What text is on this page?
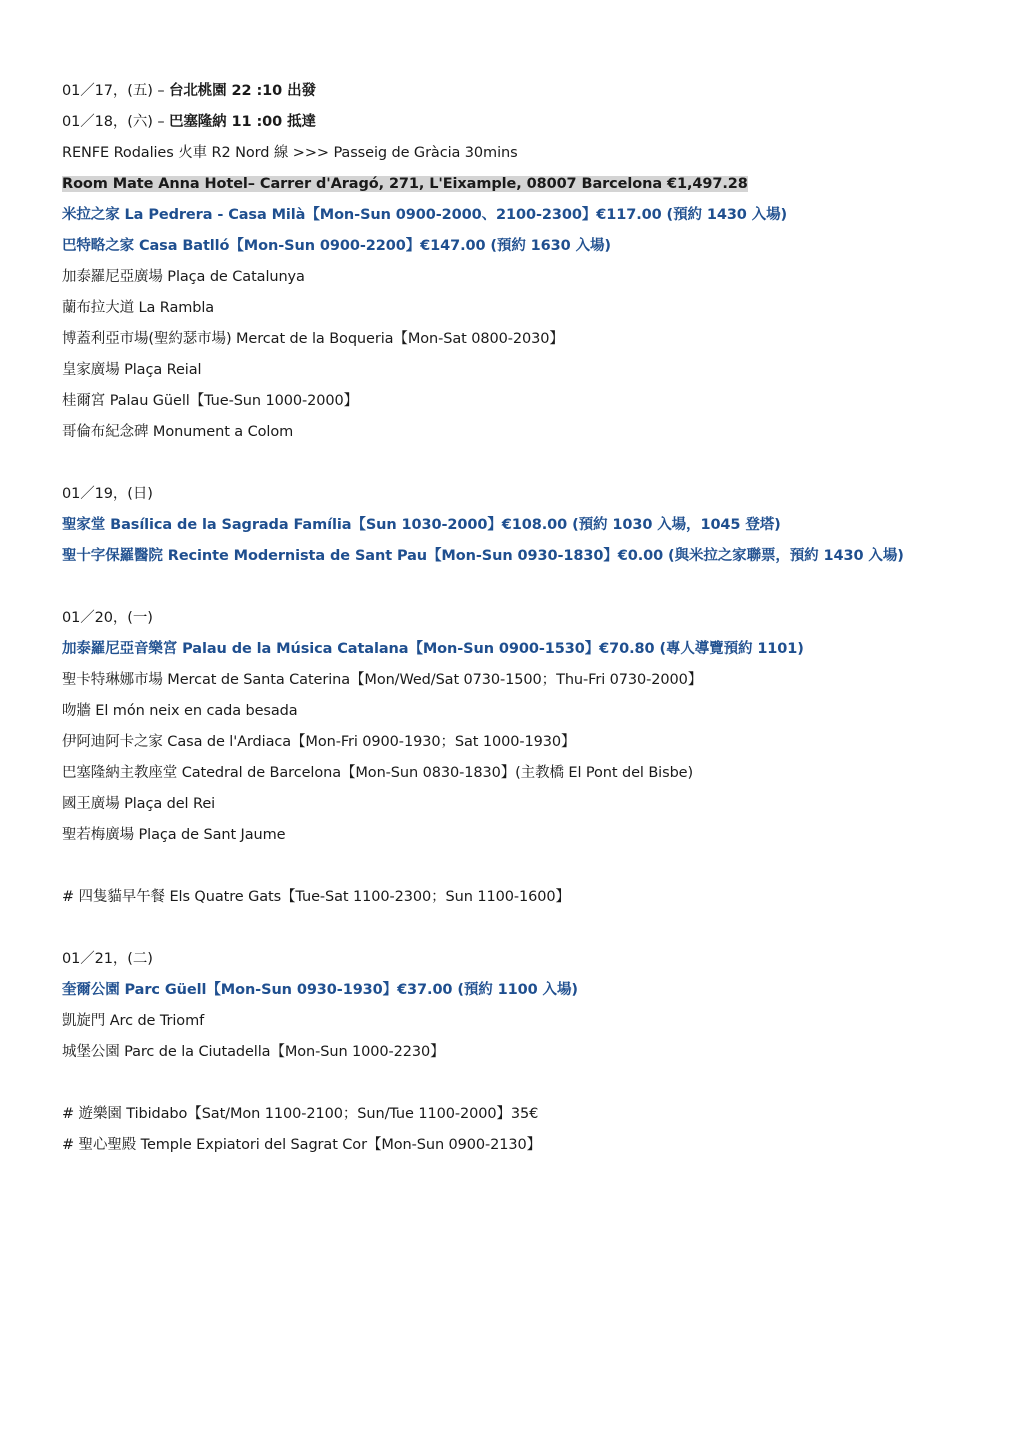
01／17，(五) – 台北桃園 22 :10 出發
01／18，(六) – 巴塞隆納 11 :00 抵達
RENFE Rodalies 火車 R2 Nord 線 >>> Passeig de Gràcia 30mins
Room Mate Anna Hotel– Carrer d'Aragó, 271, L'Eixample, 08007 Barcelona €1,497.28
米拉之家 La Pedrera - Casa Milà【Mon-Sun 0900-2000、2100-2300】€117.00 (預約 1430 入場)
巴特略之家 Casa Batlló【Mon-Sun 0900-2200】€147.00 (預約 1630 入場)
加泰羅尼亞廣場 Plaça de Catalunya
蘭布拉大道 La Rambla
博蓋利亞市場(聖約瑟市場) Mercat de la Boqueria【Mon-Sat 0800-2030】
皇家廣場 Plaça Reial
桂爾宮 Palau Güell【Tue-Sun 1000-2000】
哥倫布紀念碑 Monument a Colom
01／19，(日)
聖家堂 Basílica de la Sagrada Família【Sun 1030-2000】€108.00 (預約 1030 入場，1045 登塔)
聖十字保羅醫院 Recinte Modernista de Sant Pau【Mon-Sun 0930-1830】€0.00 (與米拉之家聯票，預約 1430 入場)
01／20，(一)
加泰羅尼亞音樂宮 Palau de la Música Catalana【Mon-Sun 0900-1530】€70.80 (專人導覽預約 1101)
聖卡特琳娜市場 Mercat de Santa Caterina【Mon/Wed/Sat 0730-1500；Thu-Fri 0730-2000】
吻牆 El món neix en cada besada
伊阿迪阿卡之家 Casa de l'Ardiaca【Mon-Fri 0900-1930；Sat 1000-1930】
巴塞隆納主教座堂 Catedral de Barcelona【Mon-Sun 0830-1830】(主教橋 El Pont del Bisbe)
國王廣場 Plaça del Rei
聖若梅廣場 Plaça de Sant Jaume
# 四隻貓早午餐 Els Quatre Gats【Tue-Sat 1100-2300；Sun 1100-1600】
01／21，(二)
奎爾公園 Parc Güell【Mon-Sun 0930-1930】€37.00 (預約 1100 入場)
凱旋門 Arc de Triomf
城堡公園 Parc de la Ciutadella【Mon-Sun 1000-2230】
# 遊樂園 Tibidabo【Sat/Mon 1100-2100；Sun/Tue 1100-2000】35€
# 聖心聖殿 Temple Expiatori del Sagrat Cor【Mon-Sun 0900-2130】
